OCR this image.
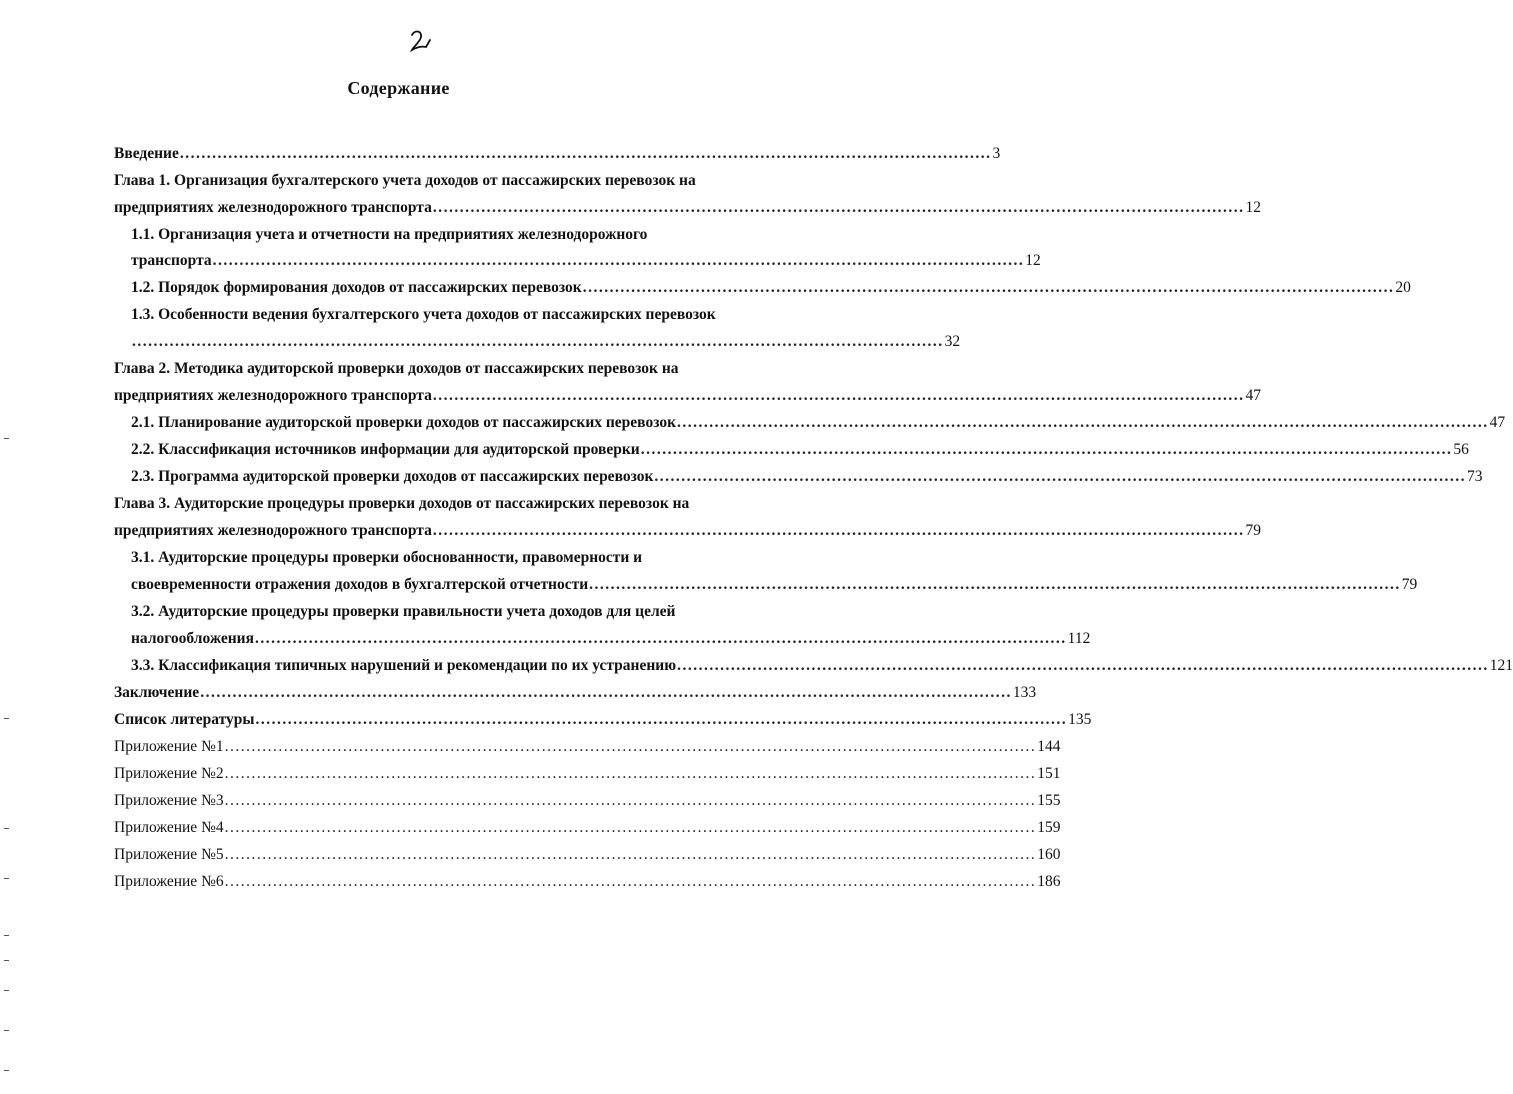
Содержание
Введение ....................................................................................................................................................... 3
Глава 1. Организация бухгалтерского учета доходов от пассажирских перевозок на
предприятиях железнодорожного транспорта ....................................................................................................................................................... 12
1.1. Организация учета и отчетности на предприятиях железнодорожного
транспорта ....................................................................................................................................................... 12
1.2. Порядок формирования доходов от пассажирских перевозок ....................................................................................................................................................... 20
1.3. Особенности ведения бухгалтерского учета доходов от пассажирских перевозок
....................................................................................................................................................... 32
Глава 2. Методика аудиторской проверки доходов от пассажирских перевозок на
предприятиях железнодорожного транспорта ....................................................................................................................................................... 47
2.1. Планирование аудиторской проверки доходов от пассажирских перевозок ....................................................................................................................................................... 47
2.2. Классификация источников информации для аудиторской проверки ....................................................................................................................................................... 56
2.3. Программа аудиторской проверки доходов от пассажирских перевозок ....................................................................................................................................................... 73
Глава 3. Аудиторские процедуры проверки доходов от пассажирских перевозок на
предприятиях железнодорожного транспорта ....................................................................................................................................................... 79
3.1. Аудиторские процедуры проверки обоснованности, правомерности и
своевременности отражения доходов в бухгалтерской отчетности ....................................................................................................................................................... 79
3.2. Аудиторские процедуры проверки правильности учета доходов для целей
налогообложения ....................................................................................................................................................... 112
3.3. Классификация типичных нарушений и рекомендации по их устранению ....................................................................................................................................................... 121
Заключение ....................................................................................................................................................... 133
Список литературы ....................................................................................................................................................... 135
Приложение №1 ....................................................................................................................................................... 144
Приложение №2 ....................................................................................................................................................... 151
Приложение №3 ....................................................................................................................................................... 155
Приложение №4 ....................................................................................................................................................... 159
Приложение №5 ....................................................................................................................................................... 160
Приложение №6 ....................................................................................................................................................... 186
